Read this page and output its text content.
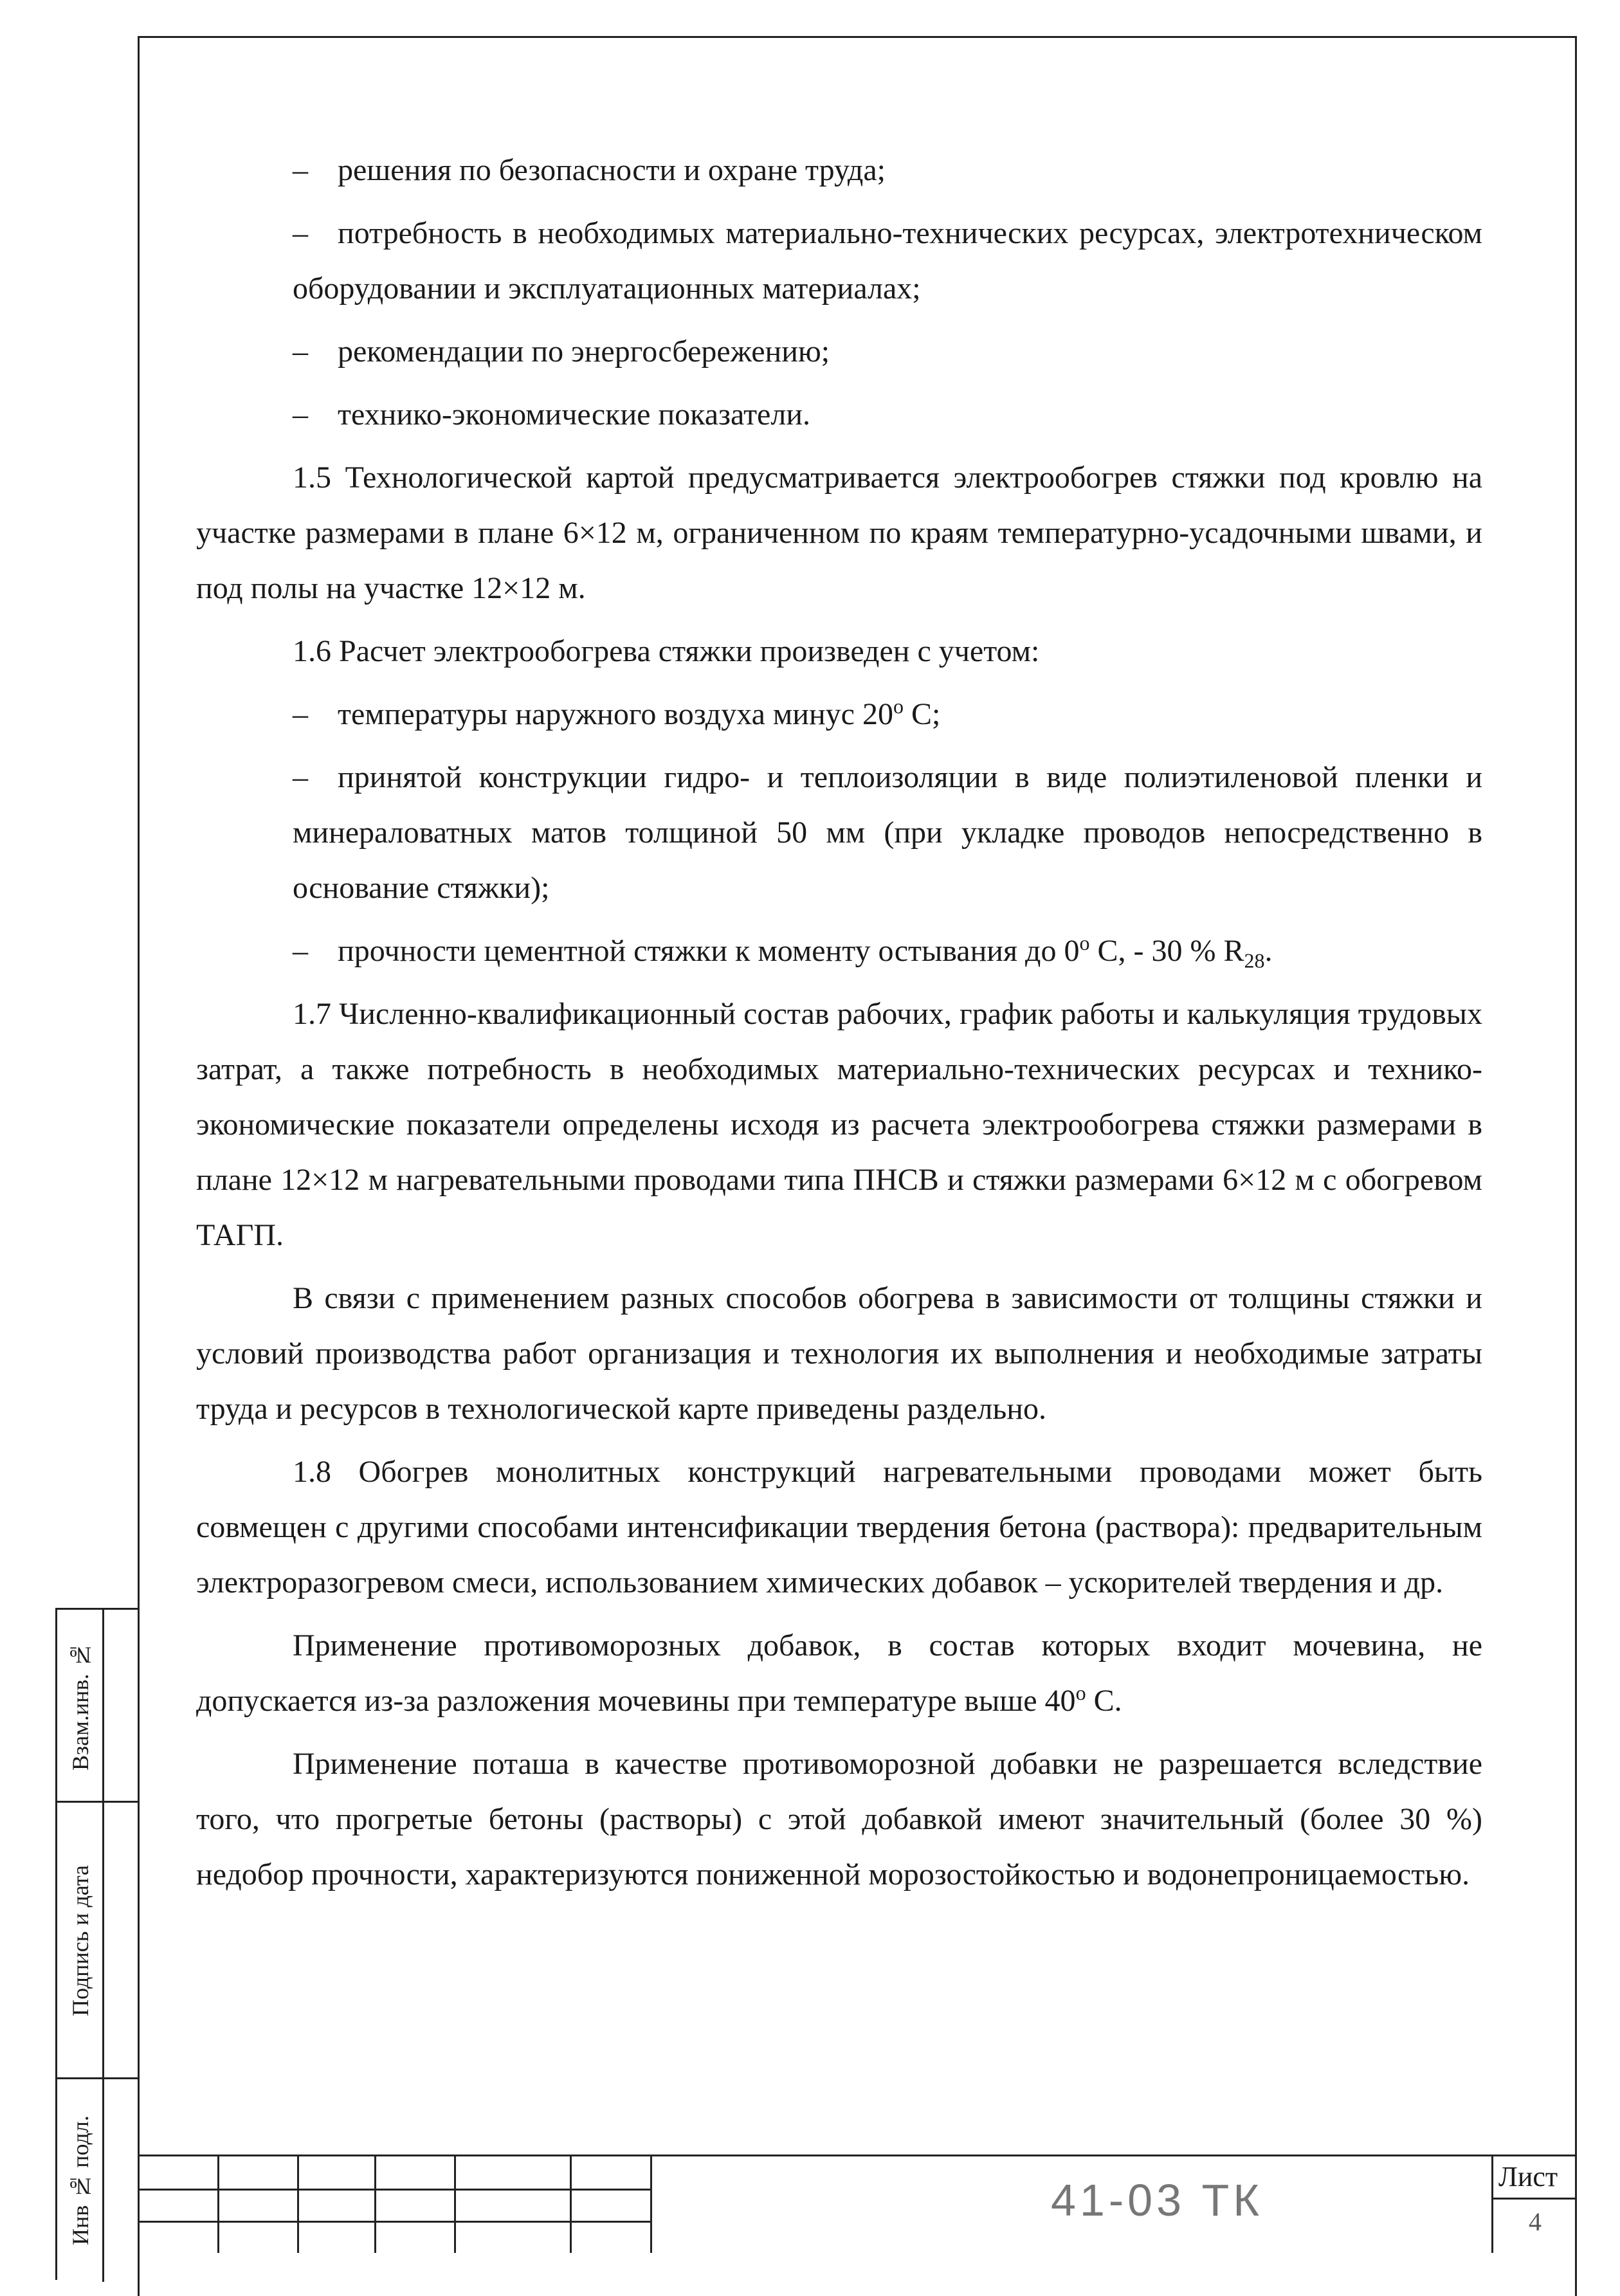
– решения по безопасности и охране труда;

– потребность в необходимых материально-технических ресурсах, электротехническом оборудовании и эксплуатационных материалах;

– рекомендации по энергосбережению;

– технико-экономические показатели.

1.5 Технологической картой предусматривается электрообогрев стяжки под кровлю на участке размерами в плане 6×12 м, ограниченном по краям температурно-усадочными швами, и под полы на участке 12×12 м.

1.6 Расчет электрообогрева стяжки произведен с учетом:

– температуры наружного воздуха минус 20$^o$ С;

– принятой конструкции гидро- и теплоизоляции в виде полиэтиленовой пленки и минераловатных матов толщиной 50 мм (при укладке проводов непосредственно в основание стяжки);

– прочности цементной стяжки к моменту остывания до 0$^o$ С, - 30 % $R_{28}$.

1.7 Численно-квалификационный состав рабочих, график работы и калькуляция трудовых затрат, а также потребность в необходимых материально-технических ресурсах и технико-экономические показатели определены исходя из расчета электрообогрева стяжки размерами в плане 12×12 м нагревательными проводами типа ПНСВ и стяжки размерами 6×12 м с обогревом ТАГП.

В связи с применением разных способов обогрева в зависимости от толщины стяжки и условий производства работ организация и технология их выполнения и необходимые затраты труда и ресурсов в технологической карте приведены раздельно.

1.8 Обогрев монолитных конструкций нагревательными проводами может быть совмещен с другими способами интенсификации твердения бетона (раствора): предварительным электроразогревом смеси, использованием химических добавок – ускорителей твердения и др.

Применение противоморозных добавок, в состав которых входит мочевина, не допускается из-за разложения мочевины при температуре выше 40$^o$ С.

Применение поташа в качестве противоморозной добавки не разрешается вследствие того, что прогретые бетоны (растворы) с этой добавкой имеют значительный (более 30 %) недобор прочности, характеризуются пониженной морозостойкостью и водонепроницаемостью.

Взам.инв. №
Подпись и дата
Инв № подл.	41-03 ТК	Лист
4
